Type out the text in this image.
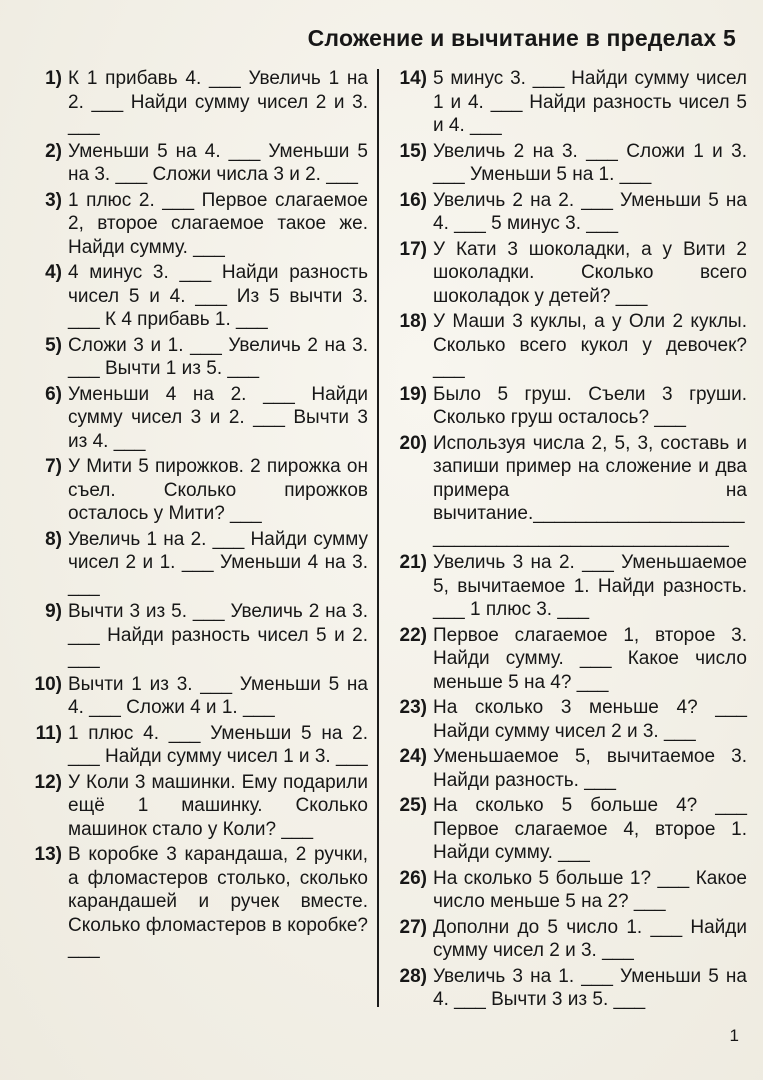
Сложение и вычитание в пределах 5
1) К 1 прибавь 4. ___ Увеличь 1 на 2. ___ Найди сумму чисел 2 и 3. ___
2) Уменьши 5 на 4. ___ Уменьши 5 на 3. ___ Сложи числа 3 и 2. ___
3) 1 плюс 2. ___ Первое слагаемое 2, второе слагаемое такое же. Найди сумму. ___
4) 4 минус 3. ___ Найди разность чисел 5 и 4. ___ Из 5 вычти 3. ___ К 4 прибавь 1. ___
5) Сложи 3 и 1. ___ Увеличь 2 на 3. ___ Вычти 1 из 5. ___
6) Уменьши 4 на 2. ___ Найди сумму чисел 3 и 2. ___ Вычти 3 из 4. ___
7) У Мити 5 пирожков. 2 пирожка он съел. Сколько пирожков осталось у Мити? ___
8) Увеличь 1 на 2. ___ Найди сумму чисел 2 и 1. ___ Уменьши 4 на 3. ___
9) Вычти 3 из 5. ___ Увеличь 2 на 3. ___ Найди разность чисел 5 и 2. ___
10) Вычти 1 из 3. ___ Уменьши 5 на 4. ___ Сложи 4 и 1. ___
11) 1 плюс 4. ___ Уменьши 5 на 2. ___ Найди сумму чисел 1 и 3. ___
12) У Коли 3 машинки. Ему подарили ещё 1 машинку. Сколько машинок стало у Коли? ___
13) В коробке 3 карандаша, 2 ручки, а фломастеров столько, сколько карандашей и ручек вместе. Сколько фломастеров в коробке? ___
14) 5 минус 3. ___ Найди сумму чисел 1 и 4. ___ Найди разность чисел 5 и 4. ___
15) Увеличь 2 на 3. ___ Сложи 1 и 3. ___ Уменьши 5 на 1. ___
16) Увеличь 2 на 2. ___ Уменьши 5 на 4. ___ 5 минус 3. ___
17) У Кати 3 шоколадки, а у Вити 2 шоколадки. Сколько всего шоколадок у детей? ___
18) У Маши 3 куклы, а у Оли 2 куклы. Сколько всего кукол у девочек? ___
19) Было 5 груш. Съели 3 груши. Сколько груш осталось? ___
20) Используя числа 2, 5, 3, составь и запиши пример на сложение и два примера на вычитание.________________________________________________
21) Увеличь 3 на 2. ___ Уменьшаемое 5, вычитаемое 1. Найди разность. ___ 1 плюс 3. ___
22) Первое слагаемое 1, второе 3. Найди сумму. ___ Какое число меньше 5 на 4? ___
23) На сколько 3 меньше 4? ___ Найди сумму чисел 2 и 3. ___
24) Уменьшаемое 5, вычитаемое 3. Найди разность. ___
25) На сколько 5 больше 4? ___ Первое слагаемое 4, второе 1. Найди сумму. ___
26) На сколько 5 больше 1? ___ Какое число меньше 5 на 2? ___
27) Дополни до 5 число 1. ___ Найди сумму чисел 2 и 3. ___
28) Увеличь 3 на 1. ___ Уменьши 5 на 4. ___ Вычти 3 из 5. ___
1
